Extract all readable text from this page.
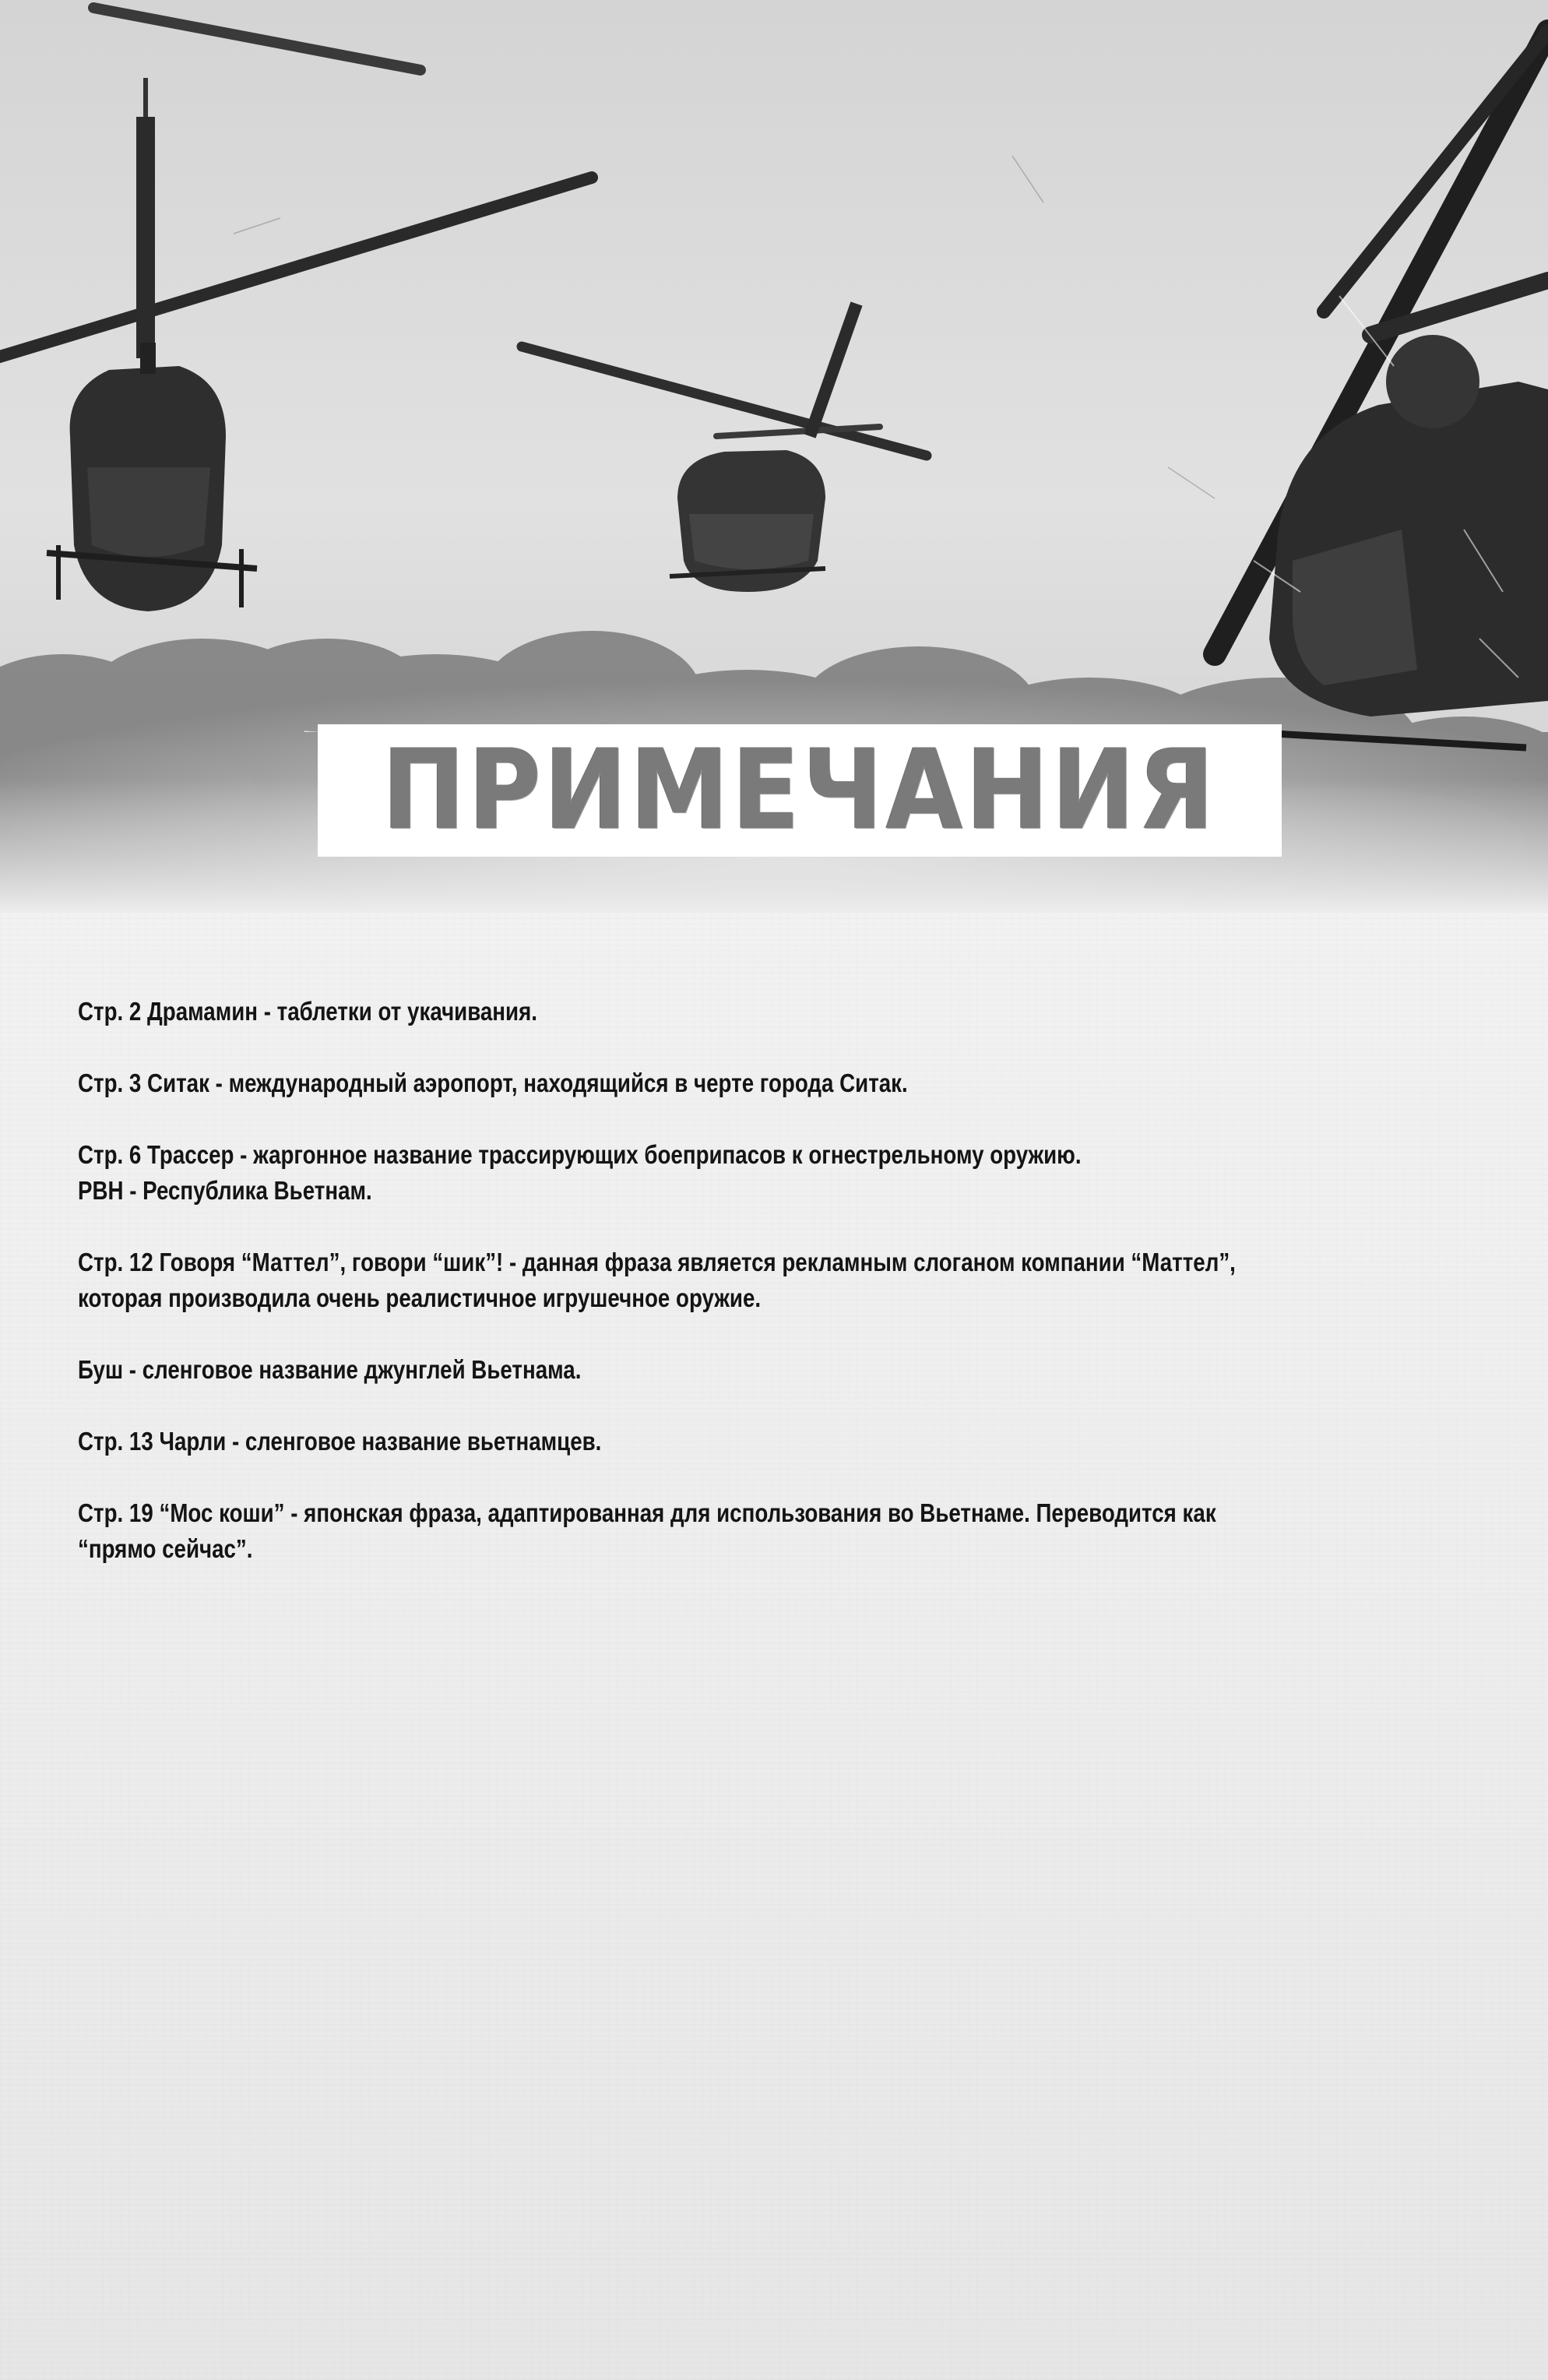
ПРИМЕЧАНИЯ
Стр. 2 Драмамин - таблетки от укачивания.
Стр. 3 Ситак - международный аэропорт, находящийся в черте города Ситак.
Стр. 6 Трассер - жаргонное название трассирующих боеприпасов к огнестрельному оружию.
РВН - Республика Вьетнам.
Стр. 12 Говоря “Маттел”, говори “шик”! - данная фраза является рекламным слоганом компании “Маттел”,
которая производила очень реалистичное игрушечное оружие.
Буш - сленговое название джунглей Вьетнама.
Стр. 13 Чарли - сленговое название вьетнамцев.
Стр. 19 “Мос коши” - японская фраза, адаптированная для использования во Вьетнаме. Переводится как
“прямо сейчас”.
